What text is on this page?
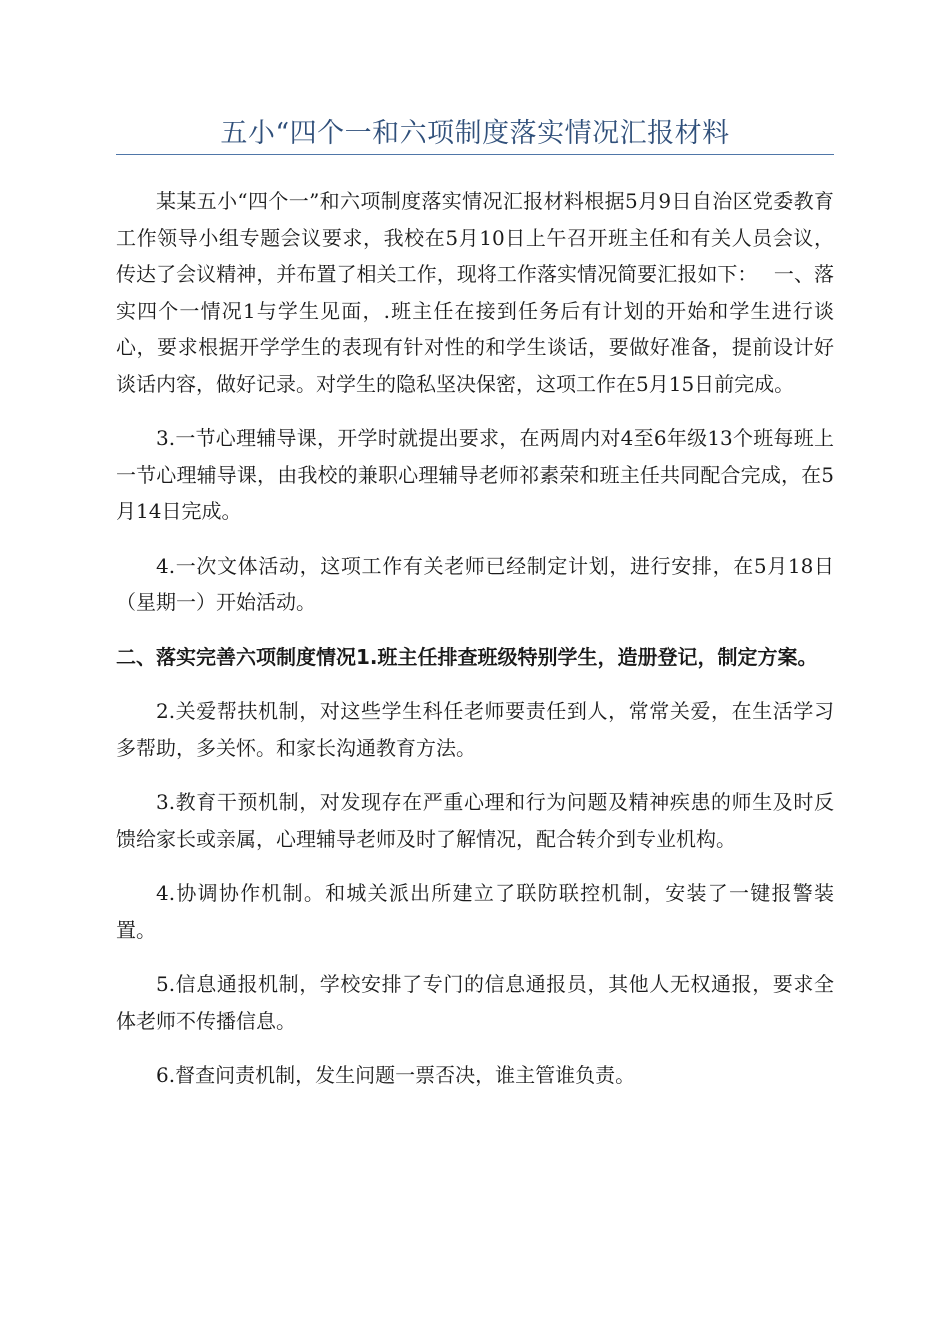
五小“四个一和六项制度落实情况汇报材料

某某五小“四个一”和六项制度落实情况汇报材料根据5月9日自治区党委教育工作领导小组专题会议要求，我校在5月10日上午召开班主任和有关人员会议，传达了会议精神，并布置了相关工作，现将工作落实情况简要汇报如下：　 一、落实四个一情况1与学生见面，.班主任在接到任务后有计划的开始和学生进行谈心，要求根据开学学生的表现有针对性的和学生谈话，要做好准备，提前设计好谈话内容，做好记录。对学生的隐私坚决保密，这项工作在5月15日前完成。

3.一节心理辅导课，开学时就提出要求，在两周内对4至6年级13个班每班上一节心理辅导课，由我校的兼职心理辅导老师祁素荣和班主任共同配合完成，在5月14日完成。

4.一次文体活动，这项工作有关老师已经制定计划，进行安排，在5月18日（星期一）开始活动。

二、落实完善六项制度情况1.班主任排查班级特别学生，造册登记，制定方案。

2.关爱帮扶机制，对这些学生科任老师要责任到人，常常关爱，在生活学习多帮助，多关怀。和家长沟通教育方法。

3.教育干预机制，对发现存在严重心理和行为问题及精神疾患的师生及时反馈给家长或亲属，心理辅导老师及时了解情况，配合转介到专业机构。

4.协调协作机制。和城关派出所建立了联防联控机制，安装了一键报警装置。

5.信息通报机制，学校安排了专门的信息通报员，其他人无权通报，要求全体老师不传播信息。

6.督查问责机制，发生问题一票否决，谁主管谁负责。
